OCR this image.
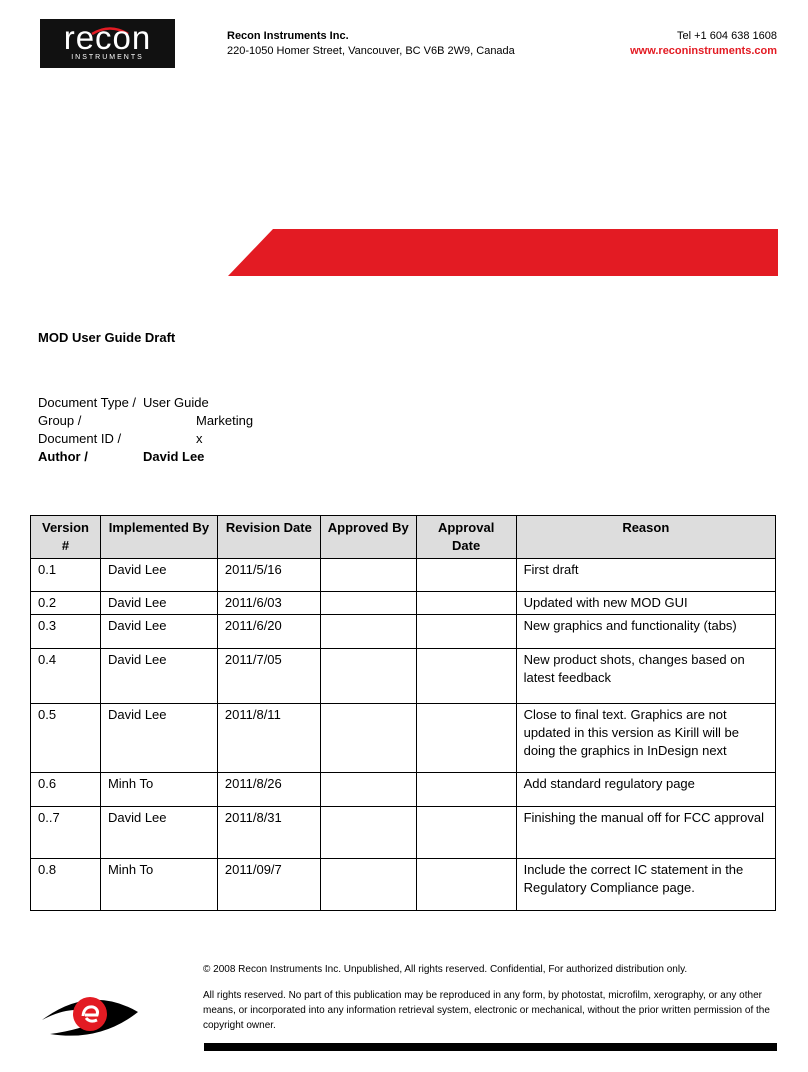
recon
INSTRUMENTS
Recon Instruments Inc.
220-1050 Homer Street, Vancouver, BC V6B 2W9, Canada
Tel +1 604 638 1608
www.reconinstruments.com
MOD User Guide Draft
Document Type / User Guide
Group /	Marketing
Document ID /	x
Author /	David Lee
Version #	Implemented By	Revision Date	Approved By	Approval Date	Reason
0.1	David Lee	2011/5/16			First draft
0.2	David Lee	2011/6/03			Updated with new MOD GUI
0.3	David Lee	2011/6/20			New graphics and functionality (tabs)
0.4	David Lee	2011/7/05			New product shots, changes based on latest feedback
0.5	David Lee	2011/8/11			Close to final text. Graphics are not updated in this version as Kirill will be doing the graphics in InDesign next
0.6	Minh To	2011/8/26			Add standard regulatory page
0..7	David Lee	2011/8/31			Finishing the manual off for FCC approval
0.8	Minh To	2011/09/7			Include the correct IC statement in the Regulatory Compliance page.
© 2008 Recon Instruments Inc. Unpublished, All rights reserved. Confidential, For authorized distribution only.
All rights reserved. No part of this publication may be reproduced in any form, by photostat, microfilm, xerography, or any other means, or incorporated into any information retrieval system, electronic or mechanical, without the prior written permission of the copyright owner.
